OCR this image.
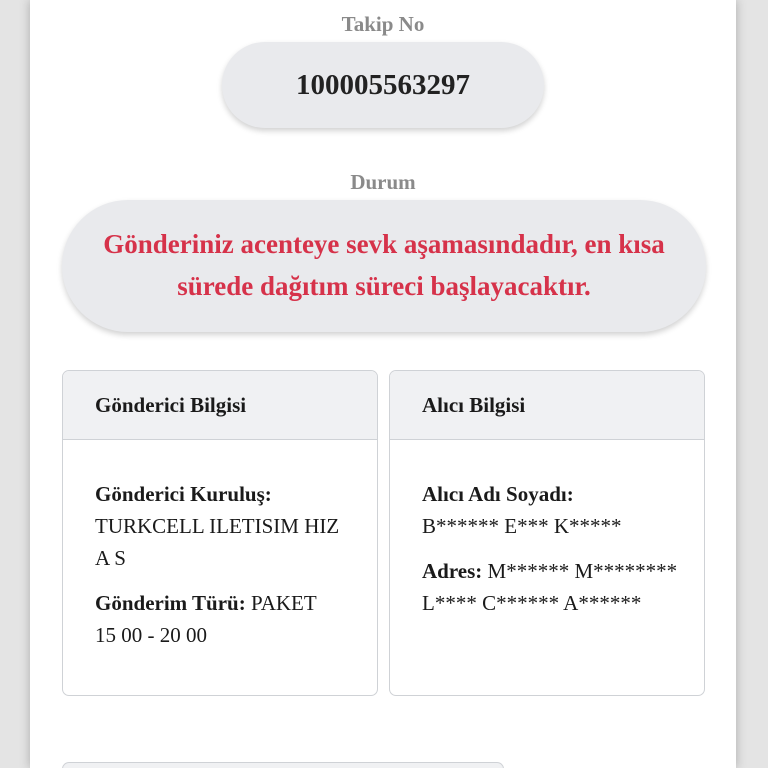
Takip No
100005563297
Durum
Gönderiniz acenteye sevk aşamasındadır, en kısa sürede dağıtım süreci başlayacaktır.
Gönderici Bilgisi
Gönderici Kuruluş:
TURKCELL ILETISIM HIZ A S
Gönderim Türü: PAKET
15 00 - 20 00
Alıcı Bilgisi
Alıcı Adı Soyadı:
B****** E*** K*****
Adres: M****** M******** L**** C****** A******
